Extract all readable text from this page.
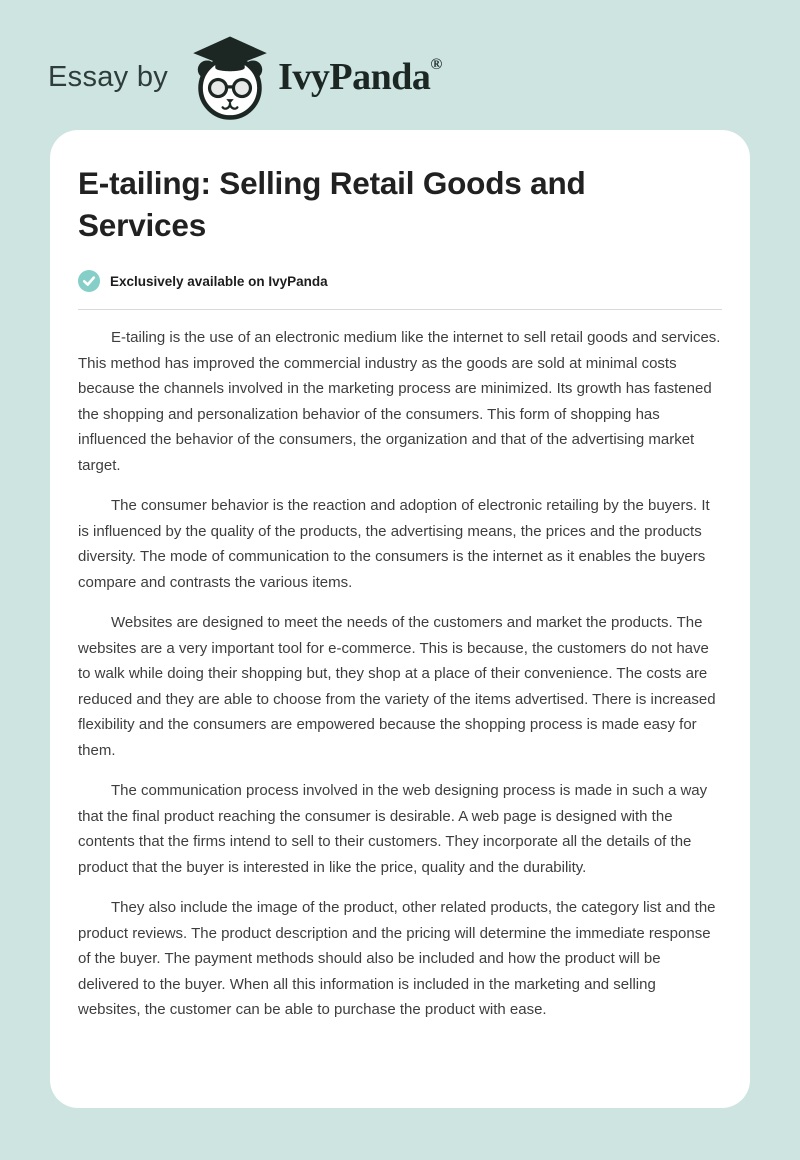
Essay by	IvyPanda ®
E-tailing: Selling Retail Goods and Services
Exclusively available on IvyPanda

E-tailing is the use of an electronic medium like the internet to sell retail goods and services. This method has improved the commercial industry as the goods are sold at minimal costs because the channels involved in the marketing process are minimized. Its growth has fastened the shopping and personalization behavior of the consumers. This form of shopping has influenced the behavior of the consumers, the organization and that of the advertising market target.

The consumer behavior is the reaction and adoption of electronic retailing by the buyers. It is influenced by the quality of the products, the advertising means, the prices and the products diversity. The mode of communication to the consumers is the internet as it enables the buyers compare and contrasts the various items.

Websites are designed to meet the needs of the customers and market the products. The websites are a very important tool for e-commerce. This is because, the customers do not have to walk while doing their shopping but, they shop at a place of their convenience. The costs are reduced and they are able to choose from the variety of the items advertised. There is increased flexibility and the consumers are empowered because the shopping process is made easy for them.

The communication process involved in the web designing process is made in such a way that the final product reaching the consumer is desirable. A web page is designed with the contents that the firms intend to sell to their customers. They incorporate all the details of the product that the buyer is interested in like the price, quality and the durability.

They also include the image of the product, other related products, the category list and the product reviews. The product description and the pricing will determine the immediate response of the buyer. The payment methods should also be included and how the product will be delivered to the buyer. When all this information is included in the marketing and selling websites, the customer can be able to purchase the product with ease.
